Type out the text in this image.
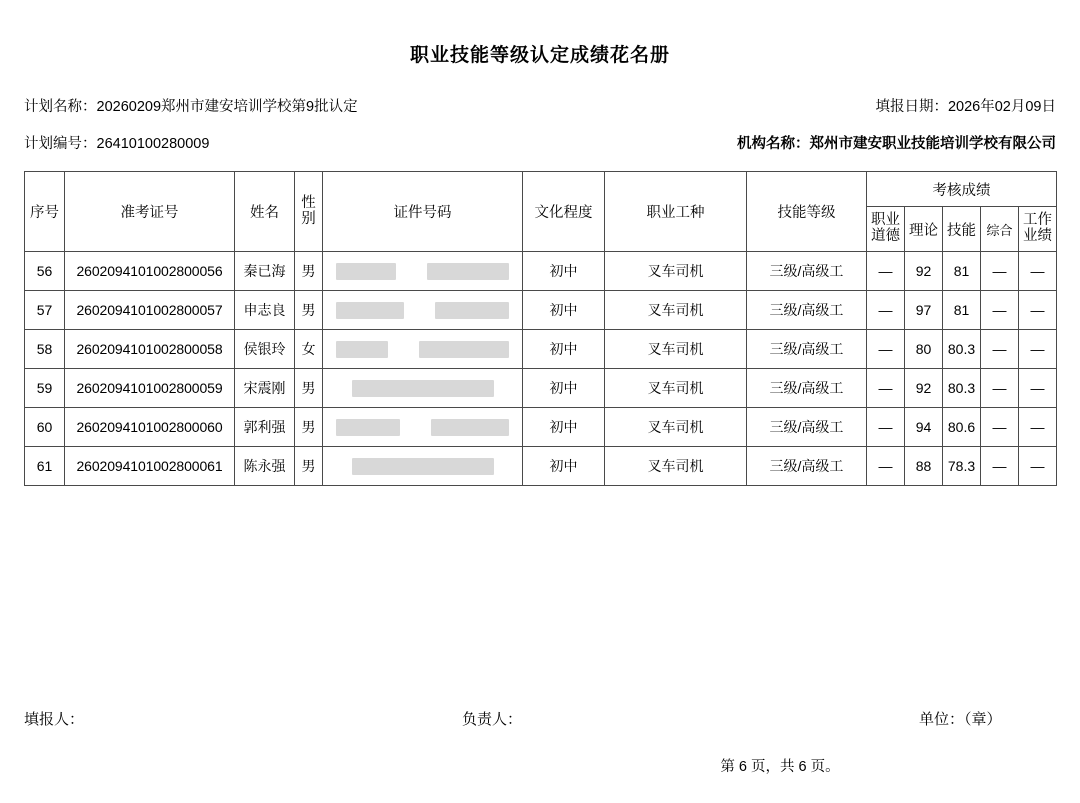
职业技能等级认定成绩花名册
计划名称：20260209郑州市建安培训学校第9批认定	填报日期：2026年02月09日
计划编号：26410100280009	机构名称：郑州市建安职业技能培训学校有限公司
序号	准考证号	姓名	性别	证件号码	文化程度	职业工种	技能等级	考核成绩				
								职业道德	理论	技能	综合	工作业绩
56	2602094101002800056	秦已海	男		初中	叉车司机	三级/高级工	—	92	81	—	—
57	2602094101002800057	申志良	男		初中	叉车司机	三级/高级工	—	97	81	—	—
58	2602094101002800058	侯银玲	女		初中	叉车司机	三级/高级工	—	80	80.3	—	—
59	2602094101002800059	宋震刚	男		初中	叉车司机	三级/高级工	—	92	80.3	—	—
60	2602094101002800060	郭利强	男		初中	叉车司机	三级/高级工	—	94	80.6	—	—
61	2602094101002800061	陈永强	男		初中	叉车司机	三级/高级工	—	88	78.3	—	—
填报人：	负责人：	单位：（章）
第 6 页，共 6 页。
